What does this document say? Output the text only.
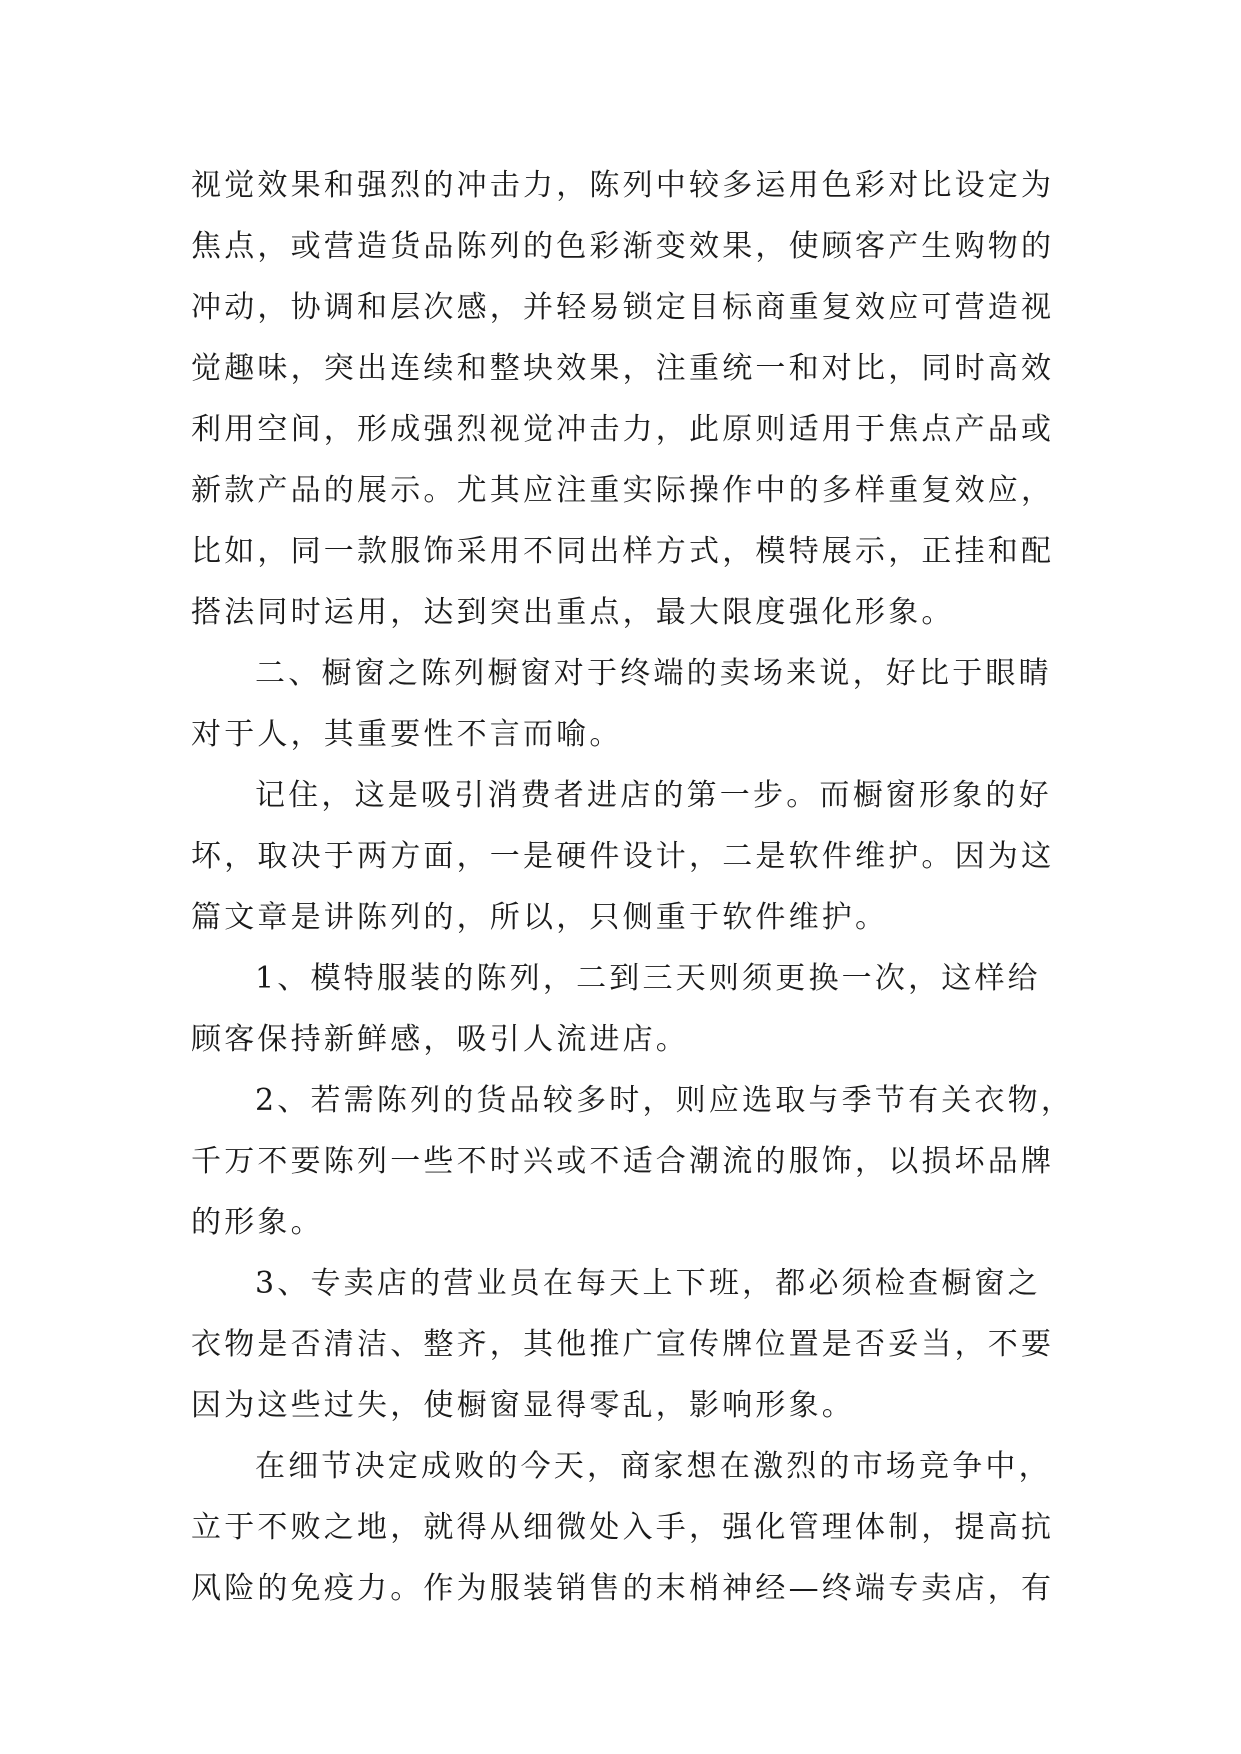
视觉效果和强烈的冲击力，陈列中较多运用色彩对比设定为
焦点，或营造货品陈列的色彩渐变效果，使顾客产生购物的
冲动，协调和层次感，并轻易锁定目标商重复效应可营造视
觉趣味，突出连续和整块效果，注重统一和对比，同时高效
利用空间，形成强烈视觉冲击力，此原则适用于焦点产品或
新款产品的展示。尤其应注重实际操作中的多样重复效应，
比如，同一款服饰采用不同出样方式，模特展示，正挂和配
搭法同时运用，达到突出重点，最大限度强化形象。
二、橱窗之陈列橱窗对于终端的卖场来说，好比于眼睛
对于人，其重要性不言而喻。
记住，这是吸引消费者进店的第一步。而橱窗形象的好
坏，取决于两方面，一是硬件设计，二是软件维护。因为这
篇文章是讲陈列的，所以，只侧重于软件维护。
1、模特服装的陈列，二到三天则须更换一次，这样给
顾客保持新鲜感，吸引人流进店。
2、若需陈列的货品较多时，则应选取与季节有关衣物，
千万不要陈列一些不时兴或不适合潮流的服饰，以损坏品牌
的形象。
3、专卖店的营业员在每天上下班，都必须检查橱窗之
衣物是否清洁、整齐，其他推广宣传牌位置是否妥当，不要
因为这些过失，使橱窗显得零乱，影响形象。
在细节决定成败的今天，商家想在激烈的市场竞争中，
立于不败之地，就得从细微处入手，强化管理体制，提高抗
风险的免疫力。作为服装销售的末梢神经—终端专卖店，有
